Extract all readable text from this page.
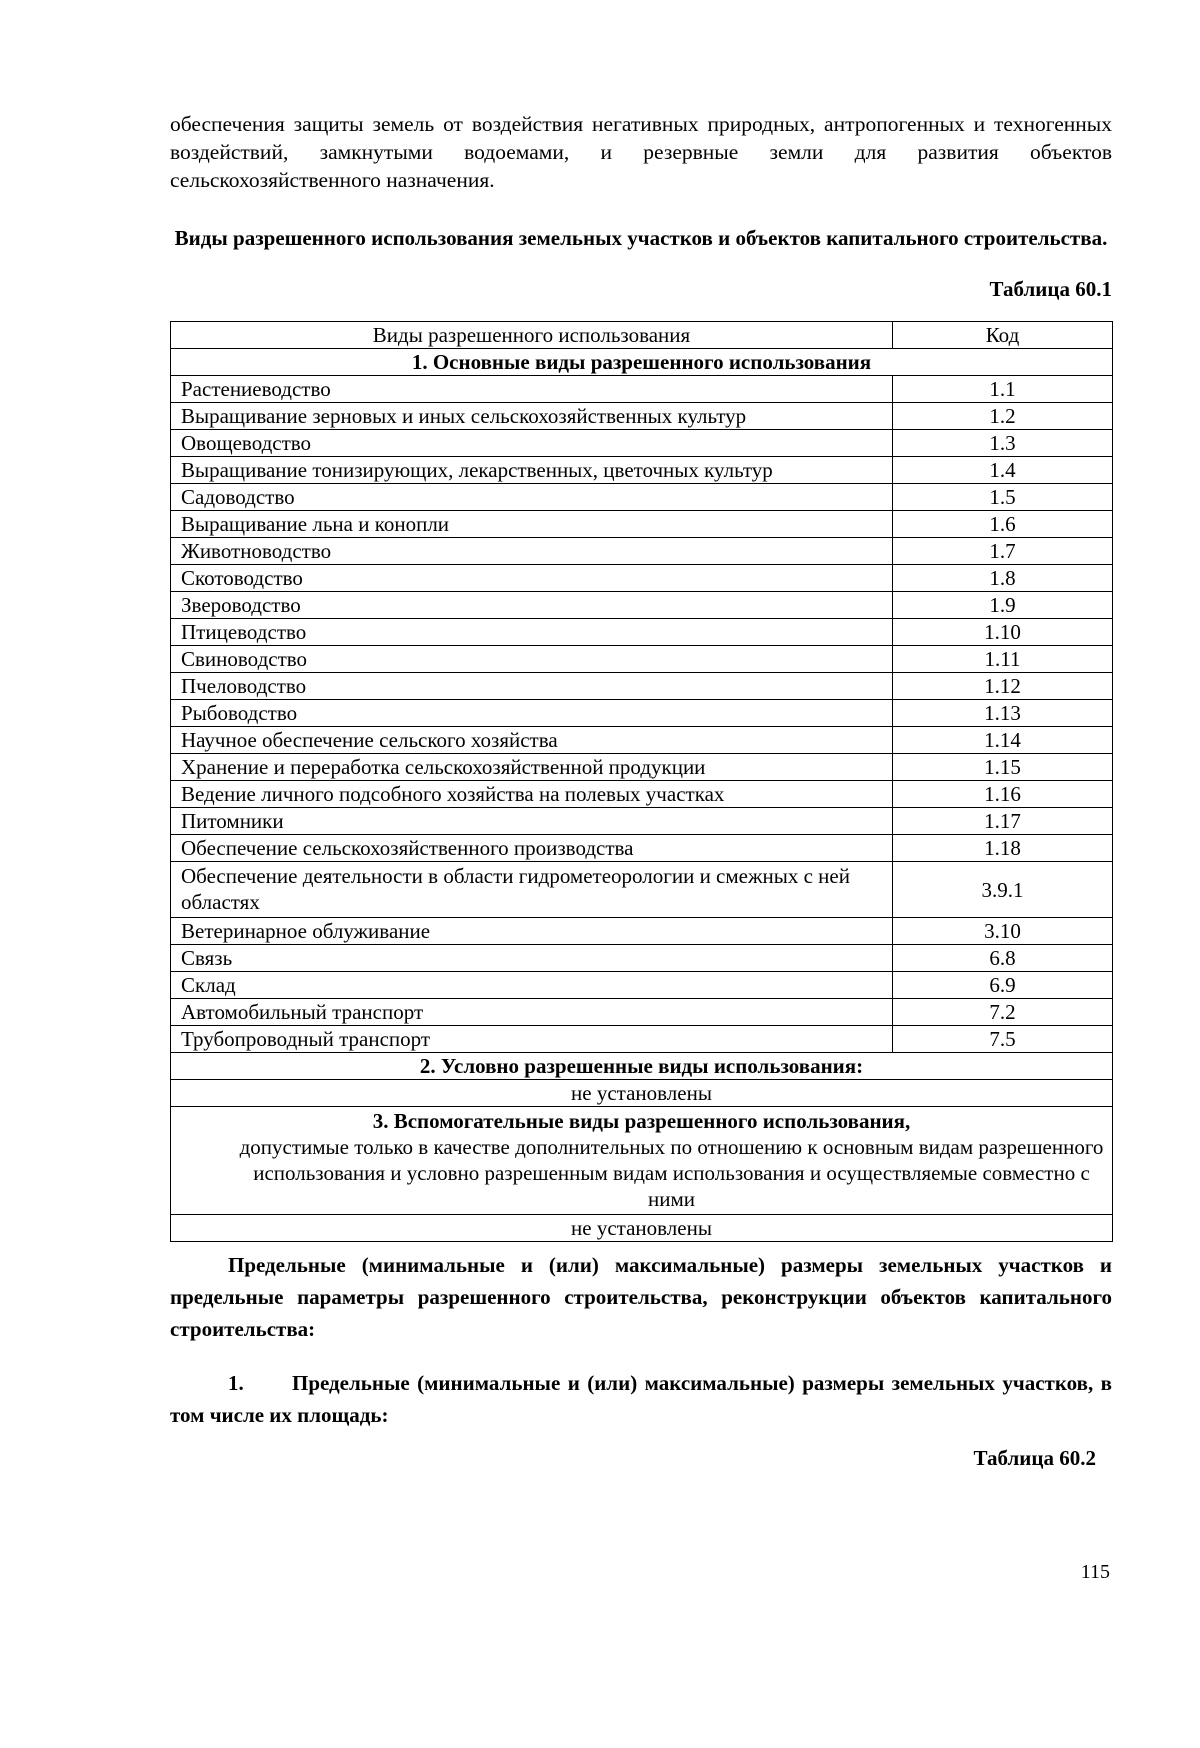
обеспечения защиты земель от воздействия негативных природных, антропогенных и техногенных воздействий, замкнутыми водоемами, и резервные земли для развития объектов сельскохозяйственного назначения.

Виды разрешенного использования земельных участков и объектов капитального строительства.

Таблица 60.1

Виды разрешенного использования	Код
1. Основные виды разрешенного использования	
Растениеводство	1.1
Выращивание зерновых и иных сельскохозяйственных культур	1.2
Овощеводство	1.3
Выращивание тонизирующих, лекарственных, цветочных культур	1.4
Садоводство	1.5
Выращивание льна и конопли	1.6
Животноводство	1.7
Скотоводство	1.8
Звероводство	1.9
Птицеводство	1.10
Свиноводство	1.11
Пчеловодство	1.12
Рыбоводство	1.13
Научное обеспечение сельского хозяйства	1.14
Хранение и переработка сельскохозяйственной продукции	1.15
Ведение личного подсобного хозяйства на полевых участках	1.16
Питомники	1.17
Обеспечение сельскохозяйственного производства	1.18
Обеспечение деятельности в области гидрометеорологии и смежных с ней областях	3.9.1
Ветеринарное облуживание	3.10
Связь	6.8
Склад	6.9
Автомобильный транспорт	7.2
Трубопроводный транспорт	7.5
2. Условно разрешенные виды использования:	
не установлены	

3. Вспомогательные виды разрешенного использования,
допустимые только в качестве дополнительных по отношению к основным видам разрешенного использования и условно разрешенным видам использования и осуществляемые совместно с ними	

не установлены	

Предельные (минимальные и (или) максимальные) размеры земельных участков и предельные параметры разрешенного строительства, реконструкции объектов капитального строительства:

1. Предельные (минимальные и (или) максимальные) размеры земельных участков, в том числе их площадь:

Таблица 60.2

115
